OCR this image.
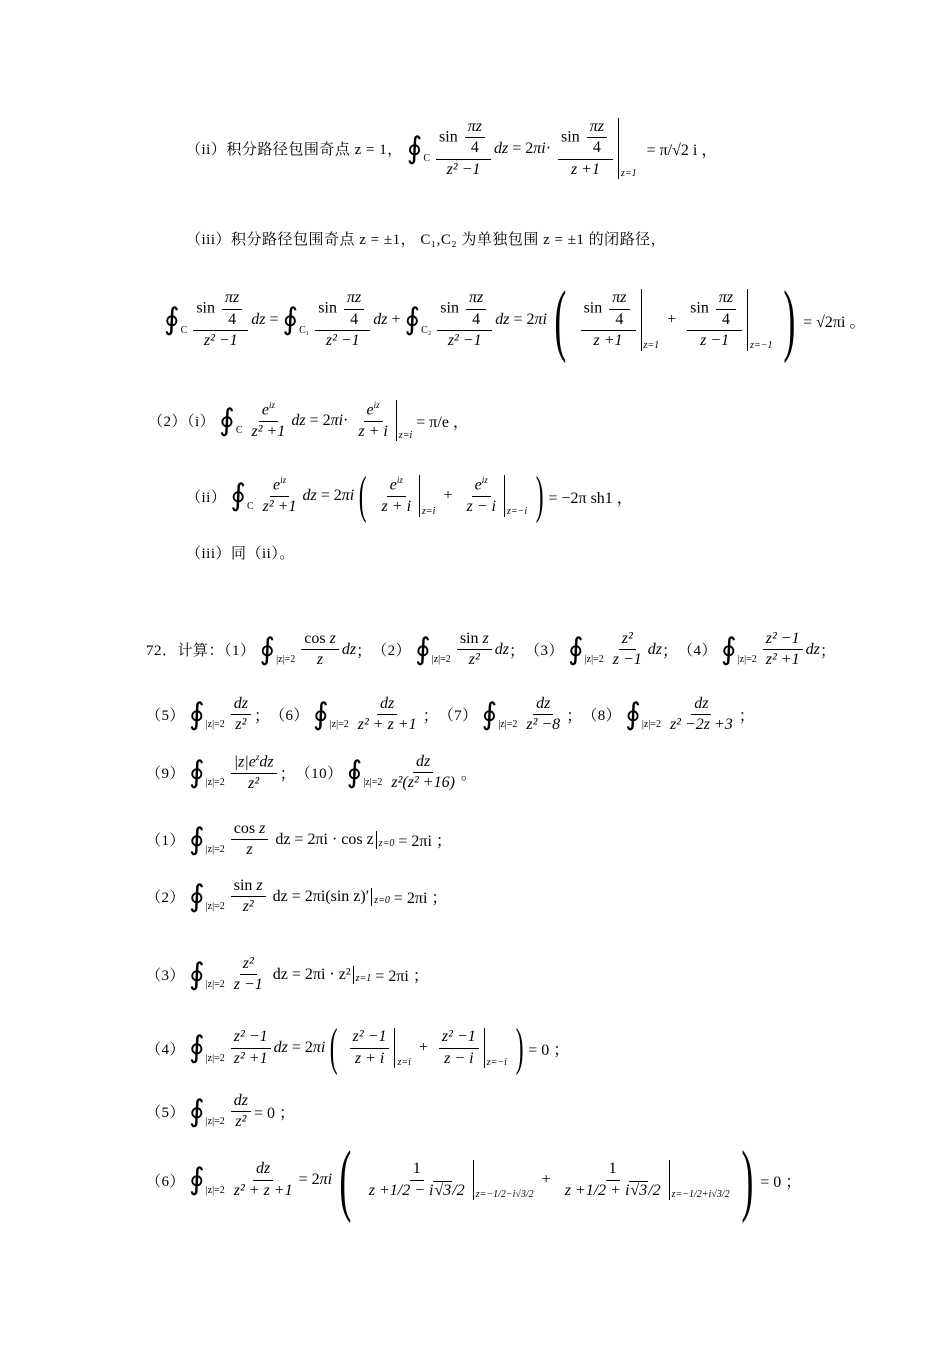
（ii）积分路径包围奇点 z = 1， ∮ C $\frac{\sin \frac{\pi z}{4}}{\text{z² −1}}$ dz = 2 $\pi i \cdot \frac{\sin \frac{\pi z}{4}}{z +1} z=1$
= π/√2 i ，
（iii）积分路径包围奇点 z = ±1， C₁,C₂ 为单独包围 z = ±1 的闭路径，
∮ C $\frac{\sin \frac{\pi z}{4}}{\text{z² −1}}$ dz = ∮ $C_1 \frac{\sin \frac{\pi z}{4}}{\text{z² −1}}$ dz + ∮ $C_2 \frac{\sin \frac{\pi z}{4}}{\text{z² −1}}$ dz = 2 πi ( $\frac{\sin \frac{\pi z}{4}}{z +1} z=1$
+ $\frac{\sin \frac{\pi z}{4}}{z -1} z=-1$ ) = √2πi 。
（2）（i） ∮ C $\frac{e^{iz}}{\text{z² +1}}$ dz = 2 $\pi i \cdot \frac{e^{iz}}{z + i} z=i$
= π/e ，
（ii） ∮ C $\frac{e^{iz}}{\text{z² +1}}$ dz = 2 πi ( $\frac{e^{iz}}{z + i} z=i$
+ $\frac{e^{iz}}{z - i} z=-i$ ) = −2π sh1 ，
（iii）同（ii）。
72．计算：（1） ∮ $|z|=2 \frac{\text{cos z}}{z}$ dz ； （2） ∮ $|z|=2 \frac{\text{sin z}}{\text{z²}}$ dz ； （3） ∮ $|z|=2 \frac{\text{z²}}{z -1}$ dz ； （4） ∮ $|z|=2 \frac{\text{z² −1}}{\text{z² +1}}$ dz ；
（5） ∮ $|z|=2 \frac{dz}{\text{z²}}$ ； （6） ∮ $|z|=2 \frac{dz}{\text{z² + z +1}}$ ； （7） ∮ $|z|=2 \frac{dz}{\text{z² −8}}$ ； （8） ∮ $|z|=2 \frac{dz}{\text{z² −2z +3}}$ ；
（9） ∮ $|z|=2 \frac{|z|e^zdz}{\text{z²}}$ ； （10） ∮ $|z|=2 \frac{dz}{\text{z²(z² +16)}}$ 。
（1） ∮ $|z|=2 \frac{\text{cos z}}{z}$ dz = 2πi · cos z z=0 = 2πi ；
（2） ∮ $|z|=2 \frac{\text{sin z}}{\text{z²}}$ dz = 2πi(sin z)′ z=0 = 2πi ；
（3） ∮ $|z|=2 \frac{\text{z²}}{z -1}$ dz = 2πi · z² z=1 = 2πi ；
（4） ∮ $|z|=2 \frac{\text{z² −1}}{\text{z² +1}}$ dz = 2 πi ( $\frac{\text{z² −1}}{z + i} z=i$
+ $\frac{\text{z² −1}}{z - i} z=-i$ ) = 0 ；
（5） ∮ $|z|=2 \frac{dz}{\text{z²}} = 0$ ；
（6） ∮ $|z|=2 \frac{dz}{\text{z² + z +1}} = 2$ πi ( $\frac{1}{z +1/2 - i√3/2} z=-1/2-i√3/2$
+ $\frac{1}{z +1/2 + i√3/2} z=-1/2+i√3/2$ ) = 0 ；
